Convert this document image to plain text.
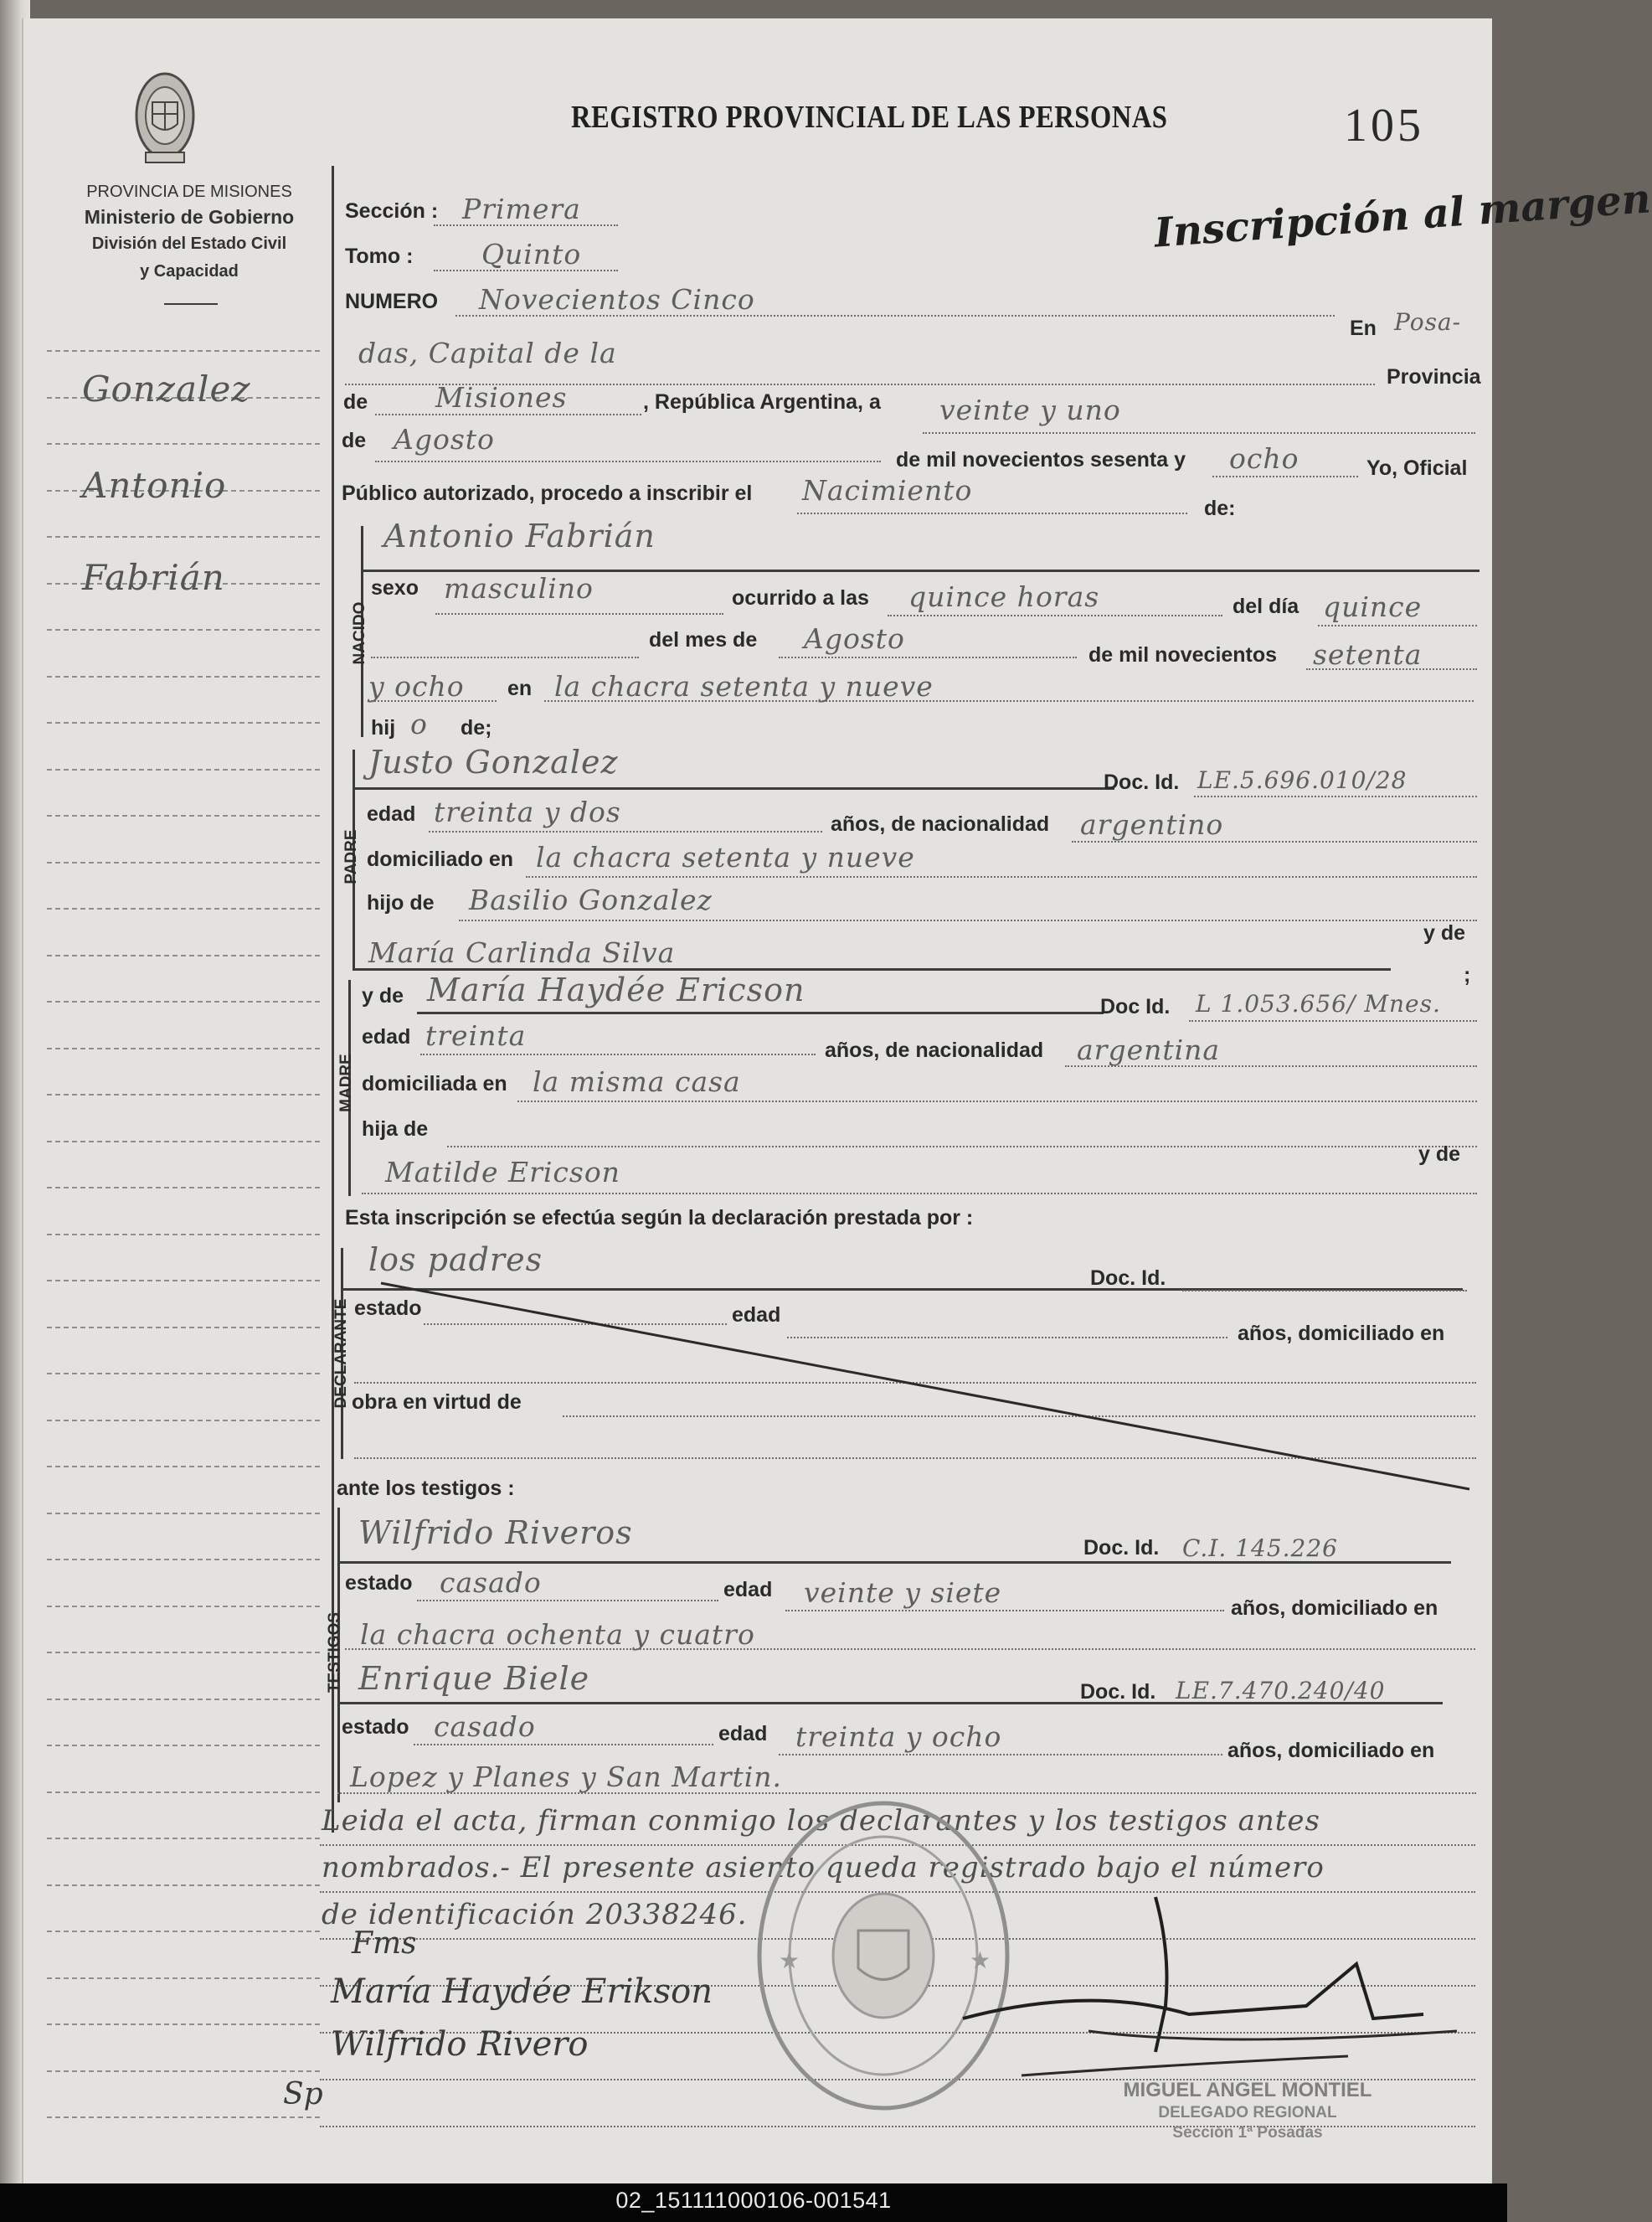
PROVINCIA DE MISIONES
Ministerio de Gobierno
División del Estado Civil
y Capacidad
REGISTRO PROVINCIAL DE LAS PERSONAS	105
Inscripción al margen
Gonzalez
Antonio
Fabrián
Sección : Primera
Tomo : Quinto
NUMERO Novecientos Cinco
En Posa-
das, Capital de la
Provincia
de Misiones	, República Argentina, a veinte y uno
de Agosto
de mil novecientos sesenta y ocho	Yo, Oficial
Público autorizado, procedo a inscribir el Nacimiento
de:
NACIDO
Antonio Fabrián
sexo masculino	ocurrido a las quince horas	del día quince
del mes de Agosto	de mil novecientos setenta
y ocho en la chacra setenta y nueve
hij o de;
PADRE
Justo Gonzalez
Doc. Id. LE.5.696.010/28
edad treinta y dos	años, de nacionalidad argentino
domiciliado en la chacra setenta y nueve
hijo de Basilio Gonzalez
María Carlinda Silva
y de
;
MADRE
y de María Haydée Ericson	Doc Id. L 1.053.656/ Mnes.
edad treinta	años, de nacionalidad argentina
domiciliada en la misma casa
hija de
y de
Matilde Ericson
Esta inscripción se efectúa según la declaración prestada por :
DECLARANTE
los padres	Doc. Id.
estado	edad
años, domiciliado en
obra en virtud de
ante los testigos :
TESTIGOS
Wilfrido Riveros	Doc. Id. C.I. 145.226
estado casado	edad veinte y siete	años, domiciliado en
la chacra ochenta y cuatro
Enrique Biele	Doc. Id. LE.7.470.240/40
estado casado	edad treinta y ocho	años, domiciliado en
Lopez y Planes y San Martin.
Leida el acta, firman conmigo los declarantes y los testigos antes
nombrados.- El presente asiento queda registrado bajo el número
de identificación 20338246.
★	★
Fms
María Haydée Erikson
Wilfrido Rivero
Sp	MIGUEL ANGEL MONTIEL
DELEGADO REGIONAL
Sección 1ª Posadas
02_151111000106-001541
